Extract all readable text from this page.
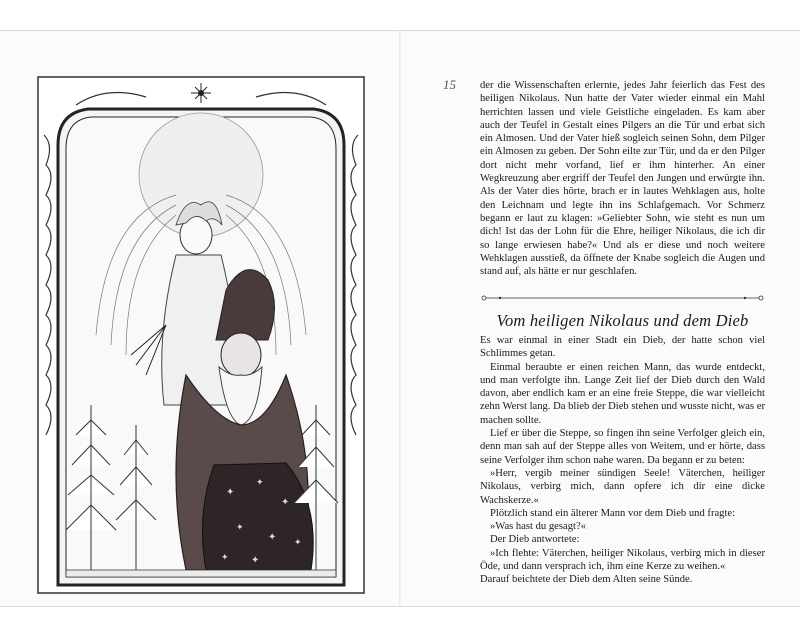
✦
✦
✦
✦
✦ ✦
✦ ✦
15 der die Wissenschaften erlernte, jedes Jahr feierlich das Fest des heiligen Nikolaus. Nun hatte der Vater wieder einmal ein Mahl herrichten lassen und viele Geistliche eingeladen. Es kam aber auch der Teufel in Gestalt eines Pilgers an die Tür und erbat sich ein Almosen. Und der Vater hieß sogleich seinen Sohn, dem Pilger ein Almosen zu geben. Der Sohn eilte zur Tür, und da er den Pilger dort nicht mehr vorfand, lief er ihm hinterher. An einer Wegkreuzung aber ergriff der Teufel den Jungen und erwürgte ihn. Als der Vater dies hörte, brach er in lautes Wehklagen aus, holte den Leichnam und legte ihn ins Schlafgemach. Vor Schmerz begann er laut zu klagen: »Geliebter Sohn, wie steht es nun um dich! Ist das der Lohn für die Ehre, heiliger Nikolaus, die ich dir so lange erwiesen habe?« Und als er diese und noch weitere Wehklagen ausstieß, da öffnete der Knabe sogleich die Augen und stand auf, als hätte er nur geschlafen.

Vom heiligen Nikolaus und dem Dieb

Es war einmal in einer Stadt ein Dieb, der hatte schon viel Schlimmes getan.

Einmal beraubte er einen reichen Mann, das wurde entdeckt, und man verfolgte ihn. Lange Zeit lief der Dieb durch den Wald davon, aber endlich kam er an eine freie Steppe, die war vielleicht zehn Werst lang. Da blieb der Dieb stehen und wusste nicht, was er machen sollte.

Lief er über die Steppe, so fingen ihn seine Verfolger gleich ein, denn man sah auf der Steppe alles von Weitem, und er hörte, dass seine Verfolger ihm schon nahe waren. Da begann er zu beten:

»Herr, vergib meiner sündigen Seele! Väterchen, heiliger Nikolaus, verbirg mich, dann opfere ich dir eine dicke Wachskerze.«

Plötzlich stand ein älterer Mann vor dem Dieb und fragte:

»Was hast du gesagt?«

Der Dieb antwortete:

»Ich flehte: Väterchen, heiliger Nikolaus, verbirg mich in dieser Öde, und dann versprach ich, ihm eine Kerze zu weihen.«

Darauf beichtete der Dieb dem Alten seine Sünde.
